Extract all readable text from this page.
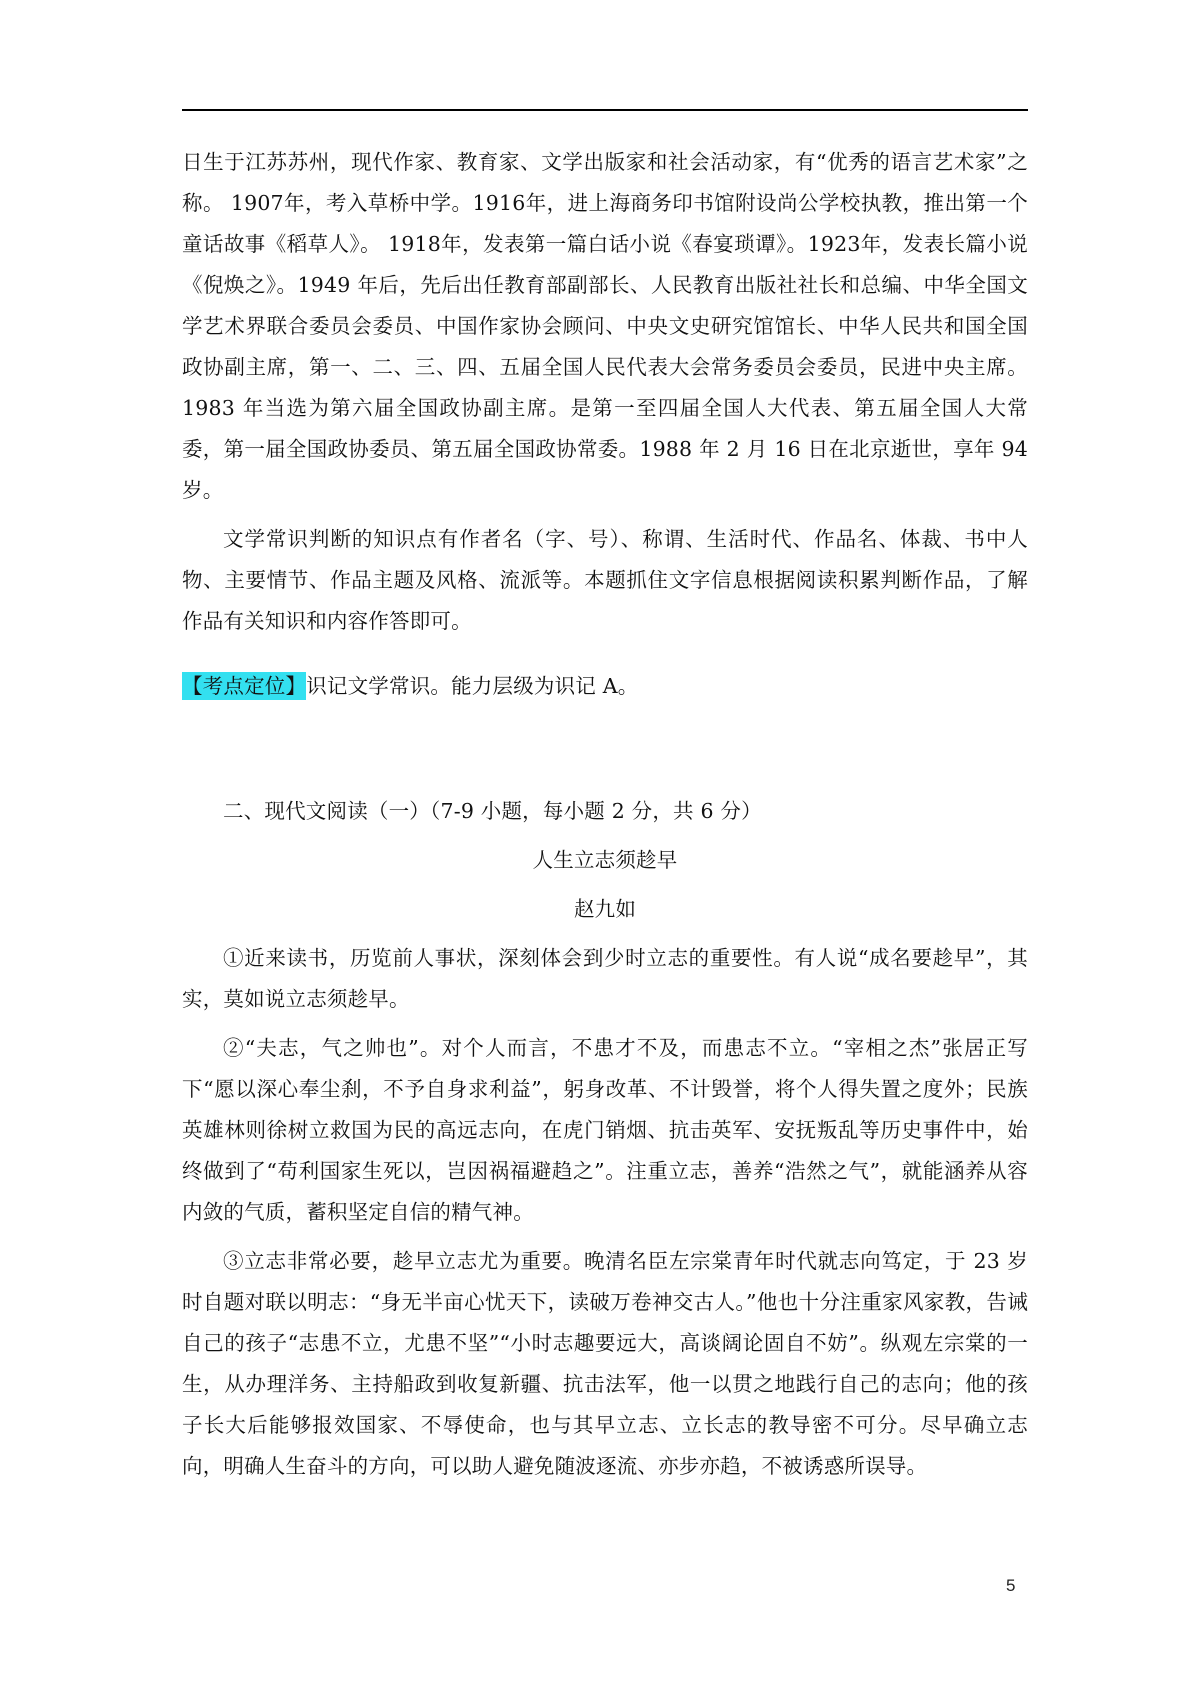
日生于江苏苏州，现代作家、教育家、文学出版家和社会活动家，有“优秀的语言艺术家”之称。 1907年，考入草桥中学。1916年，进上海商务印书馆附设尚公学校执教，推出第一个童话故事《稻草人》。 1918年，发表第一篇白话小说《春宴琐谭》。1923年，发表长篇小说《倪焕之》。1949 年后，先后出任教育部副部长、人民教育出版社社长和总编、中华全国文学艺术界联合委员会委员、中国作家协会顾问、中央文史研究馆馆长、中华人民共和国全国政协副主席，第一、二、三、四、五届全国人民代表大会常务委员会委员，民进中央主席。1983 年当选为第六届全国政协副主席。是第一至四届全国人大代表、第五届全国人大常委，第一届全国政协委员、第五届全国政协常委。1988 年 2 月 16 日在北京逝世，享年 94 岁。

文学常识判断的知识点有作者名（字、号）、称谓、生活时代、作品名、体裁、书中人物、主要情节、作品主题及风格、流派等。本题抓住文字信息根据阅读积累判断作品，了解作品有关知识和内容作答即可。

【考点定位】识记文学常识。能力层级为识记 A。

二、现代文阅读（一）（7-9 小题，每小题 2 分，共 6 分）

人生立志须趁早

赵九如

①近来读书，历览前人事状，深刻体会到少时立志的重要性。有人说“成名要趁早”，其实，莫如说立志须趁早。

②“夫志，气之帅也”。对个人而言，不患才不及，而患志不立。“宰相之杰”张居正写下“愿以深心奉尘刹，不予自身求利益”，躬身改革、不计毁誉，将个人得失置之度外；民族英雄林则徐树立救国为民的高远志向，在虎门销烟、抗击英军、安抚叛乱等历史事件中，始终做到了“苟利国家生死以，岂因祸福避趋之”。注重立志，善养“浩然之气”，就能涵养从容内敛的气质，蓄积坚定自信的精气神。

③立志非常必要，趁早立志尤为重要。晚清名臣左宗棠青年时代就志向笃定，于 23 岁时自题对联以明志：“身无半亩心忧天下，读破万卷神交古人。”他也十分注重家风家教，告诫自己的孩子“志患不立，尤患不坚”“小时志趣要远大，高谈阔论固自不妨”。纵观左宗棠的一生，从办理洋务、主持船政到收复新疆、抗击法军，他一以贯之地践行自己的志向；他的孩子长大后能够报效国家、不辱使命，也与其早立志、立长志的教导密不可分。尽早确立志向，明确人生奋斗的方向，可以助人避免随波逐流、亦步亦趋，不被诱惑所误导。

5
